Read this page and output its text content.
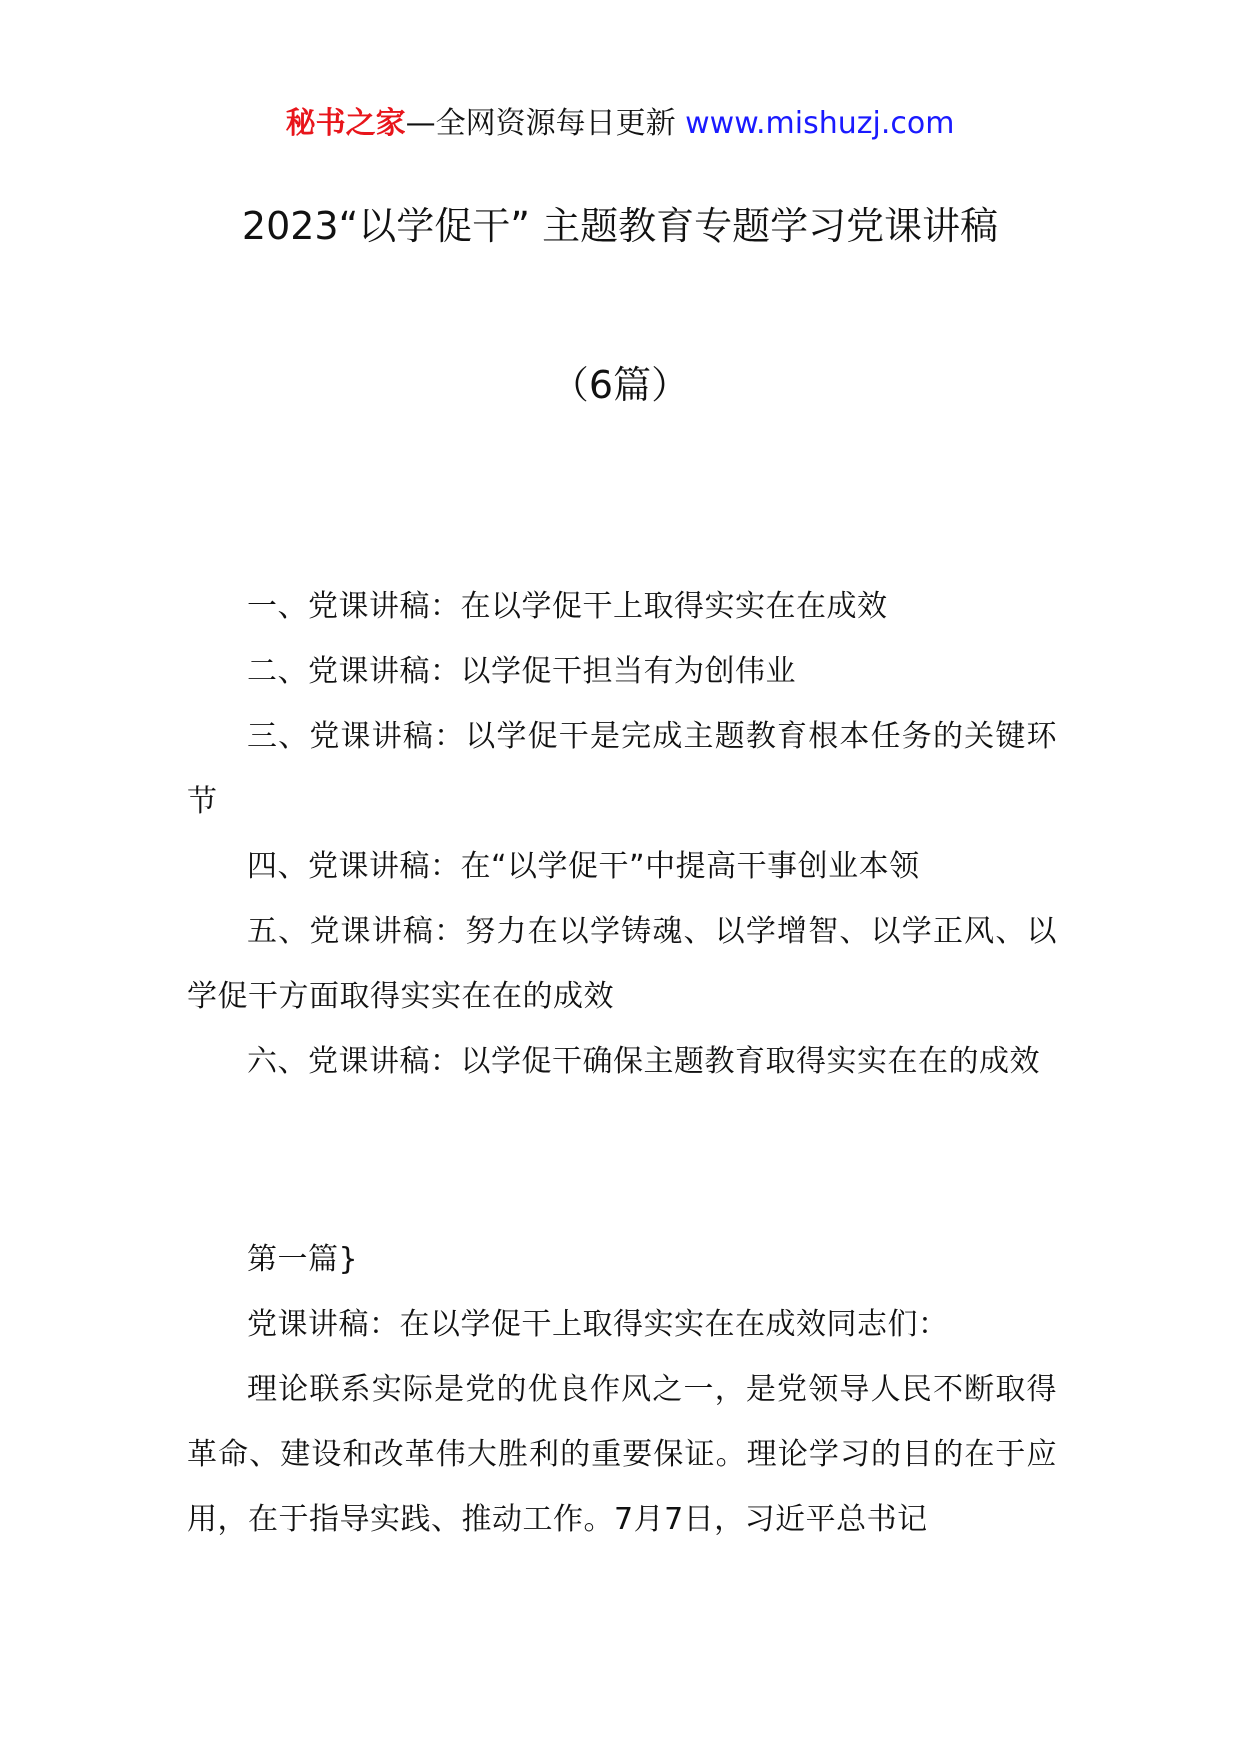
秘书之家—全网资源每日更新 www.mishuzj.com
2023“以学促干” 主题教育专题学习党课讲稿
（6篇）

一、党课讲稿：在以学促干上取得实实在在成效

二、党课讲稿：以学促干担当有为创伟业

三、党课讲稿：以学促干是完成主题教育根本任务的关键环节

四、党课讲稿：在“以学促干”中提高干事创业本领

五、党课讲稿：努力在以学铸魂、以学增智、以学正风、以学促干方面取得实实在在的成效

六、党课讲稿：以学促干确保主题教育取得实实在在的成效

第一篇}

党课讲稿：在以学促干上取得实实在在成效同志们：

理论联系实际是党的优良作风之一，是党领导人民不断取得革命、建设和改革伟大胜利的重要保证。理论学习的目的在于应用，在于指导实践、推动工作。7月7日，习近平总书记
